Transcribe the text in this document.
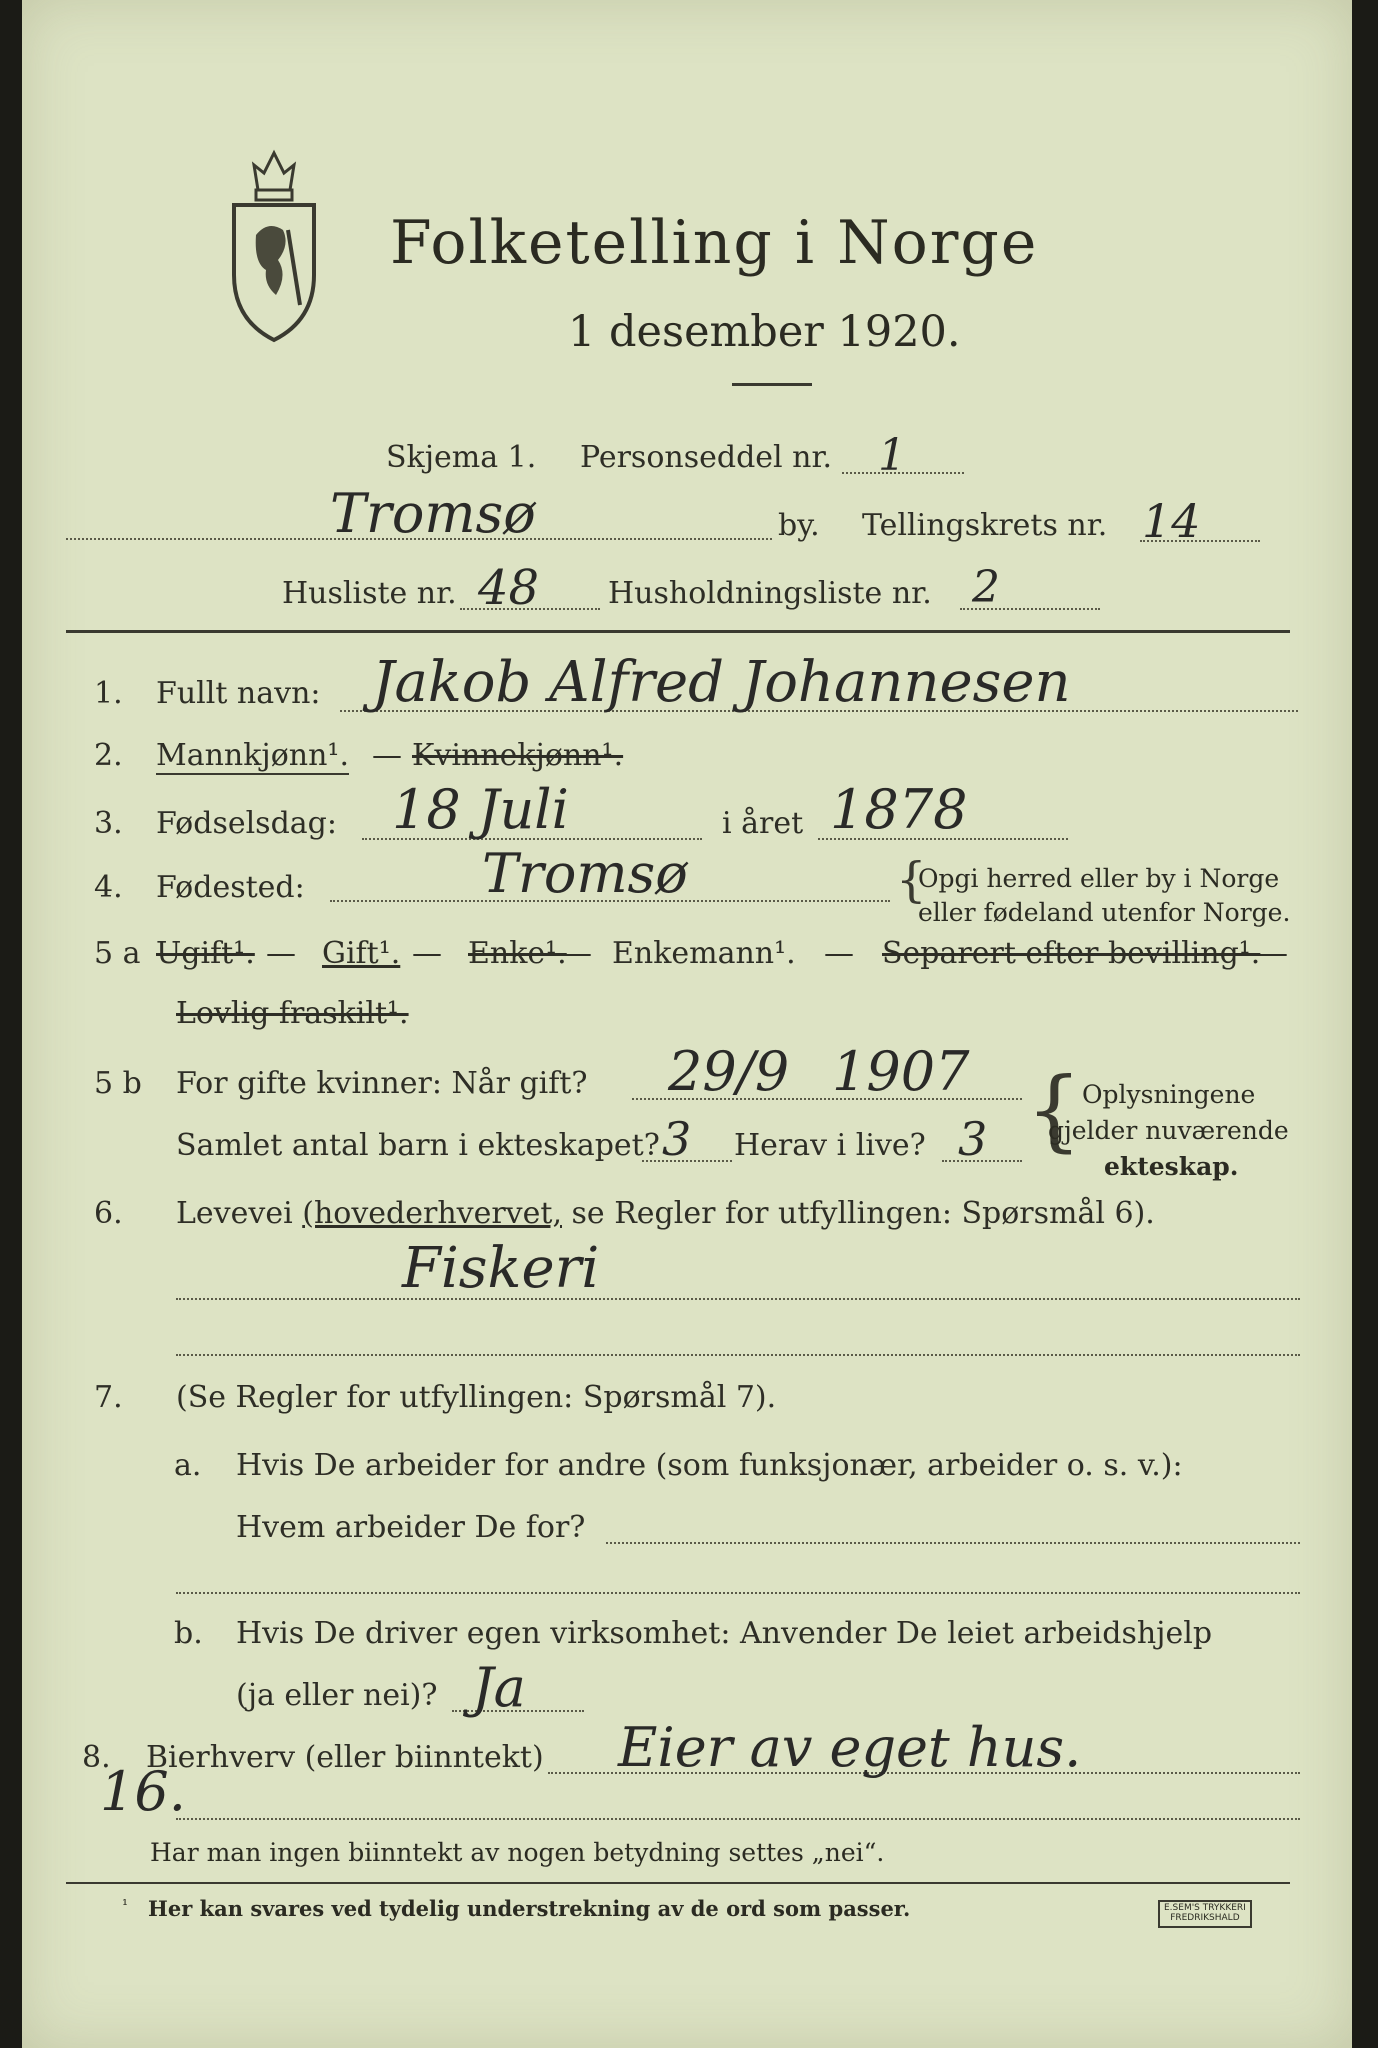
Folketelling i Norge
1 desember 1920.
Skjema 1. Personseddel nr. 1
Tromsø	by. Tellingskrets nr. 14
Husliste nr. 48 Husholdningsliste nr. 2
1. Fullt navn: Jakob Alfred Johannesen
2. Mannkjønn¹. — Kvinnekjønn¹.
3. Fødselsdag: 18 Juli	i året 1878
4. Fødested:	Tromsø	{
Opgi herred eller by i Norge
eller fødeland utenfor Norge.
5 a Ugift¹. — Gift¹. — Enke¹.
— Enkemann¹. — Separert efter bevilling¹.
—
Lovlig fraskilt¹.
5 b For gifte kvinner: Når gift? 29/9 1907
Samlet antal barn i ekteskapet? 3 Herav i live? 3 { Oplysningene
gjelder nuværende
ekteskap.
6. Levevei (hovederhvervet, se Regler for utfyllingen: Spørsmål 6).
Fiskeri
7. (Se Regler for utfyllingen: Spørsmål 7).
a. Hvis De arbeider for andre (som funksjonær, arbeider o. s. v.):
Hvem arbeider De for?
b. Hvis De driver egen virksomhet: Anvender De leiet arbeidshjelp
(ja eller nei)? Ja
8. Bierhverv (eller biinntekt) Eier av eget hus.
16.
Har man ingen biinntekt av nogen betydning settes „nei“.
¹ Her kan svares ved tydelig understrekning av de ord som passer.	E.SEM'S TRYKKERI
FREDRIKSHALD
